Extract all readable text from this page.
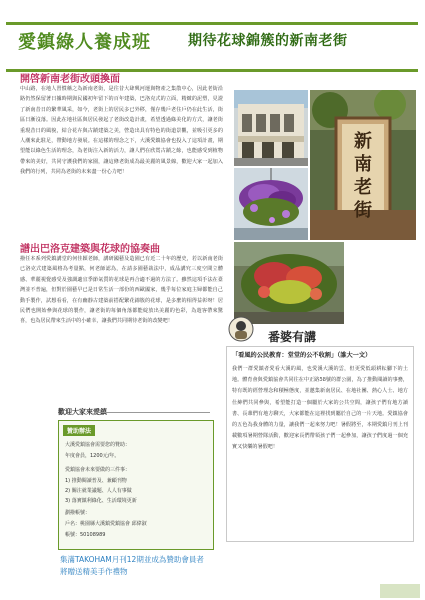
愛鎮綠人養成班	期待花球錦簇的新南老街
開啓新南老街改頭換面
中山路，在地人習慣稱之為新南老街，是往昔大肆興河運與物產之集散中心，因此老街沿路仍然保留著日據時期與民國初年留下的百年建築，巴洛克式的立面，精緻的泥塑，見證了新南昔日的繁華風采，如今，老街上的居民多已外移，僅存幾戶老住戶仍在此生活，街區日漸沒落。因此在地社區與居民發起了老街改造計畫，希望透過綠美化的方式，讓老街重現昔日的風貌，結合花卉與古蹟建築之美，營造出具有特色的街道景觀，並吸引更多的人潮來此駐足，帶動地方發展。在這樣的理念之下，大溪愛鎮協會也投入了這項計畫，期望能以綠色生活的理念，為老街注入新的活力，讓人們在欣賞古蹟之餘，也能感受到植物帶來的美好，共同守護我們的家園，讓這條老街成為最美麗的風景線，歡迎大家一起加入我們的行列，共同為老街的未來盡一份心力吧！
譜出巴洛克建築與花球的協奏曲
撥任本系列愛鎮講堂的何佳穎老師，講研國藝及造園已有近二十年的歷史，若以新南老街已洛克式建築風格為考量點，何老師認為，在請多園藝栽法中，成品講究三度空間立體感、華麗視覺感受及強調適宜季節氣質的花球是再合適不過的方法了。雖然這項手法在臺灣並不普遍，但對於園藝早已是日常生活一部份的西歐國家，幾乎每位家庭主婦都能自己動手製作，試想看看，在有幽靜古建築前搭配繁花錦簇的花球，是多麼的相得益彰呀！居民們也開始參與花球的製作，讓老街的每個角落都能綻放出美麗的色彩，為遊客帶來驚喜，也為居民帶來生活中的小確幸，讓我們共同期待老街的改變吧！
新南老街
歡迎大家來愛鎮
贊助辦法
大溪愛鎮協會需要您的贊助：
年度會員，1200元/年。
愛鎮協會未來要做的三件事：
1) 推動閱讀普及、兼顧刊物
2) 關注就業議題、人人有事做
3) 落實鎮利綠化、生活環境更新
劃撥帳號：
戶名：桃園縣大溪鎮愛鎮協會 邱偉淑
帳號：50108989
集滿TAKOHAM月刊12期並成為贊助會員者
將贈送精美手作禮物
番婆有講
「看風的公民教育：堂堂的公不收割」（誰大一文）
我們一群愛鎮者愛看大溪的風，也愛溪大溪的雲，但更愛低頭耕耘腳下的土地。體育會與愛鎮協會共同往在中正路58號的群公園，為了推動閱讀的事務，特有既的經營理念和積極態度，並邀集新南居民、在地社團、熱心人士、地方仕紳們共同參與，希望能打造一個屬於大家的公共空間，讓孩子們有地方讀書、長輩們有地方聊天，大家都能在這裡找到屬於自己的一片天地。愛鎮協會的五色為我身體的力量，讓我們一起來努力吧！暑假將至，本期愛鎮月刊上刊載數項暑期營隊活動，歡迎家長們帶領孩子們一起參加，讓孩子們度過一個充實又快樂的暑假吧！
